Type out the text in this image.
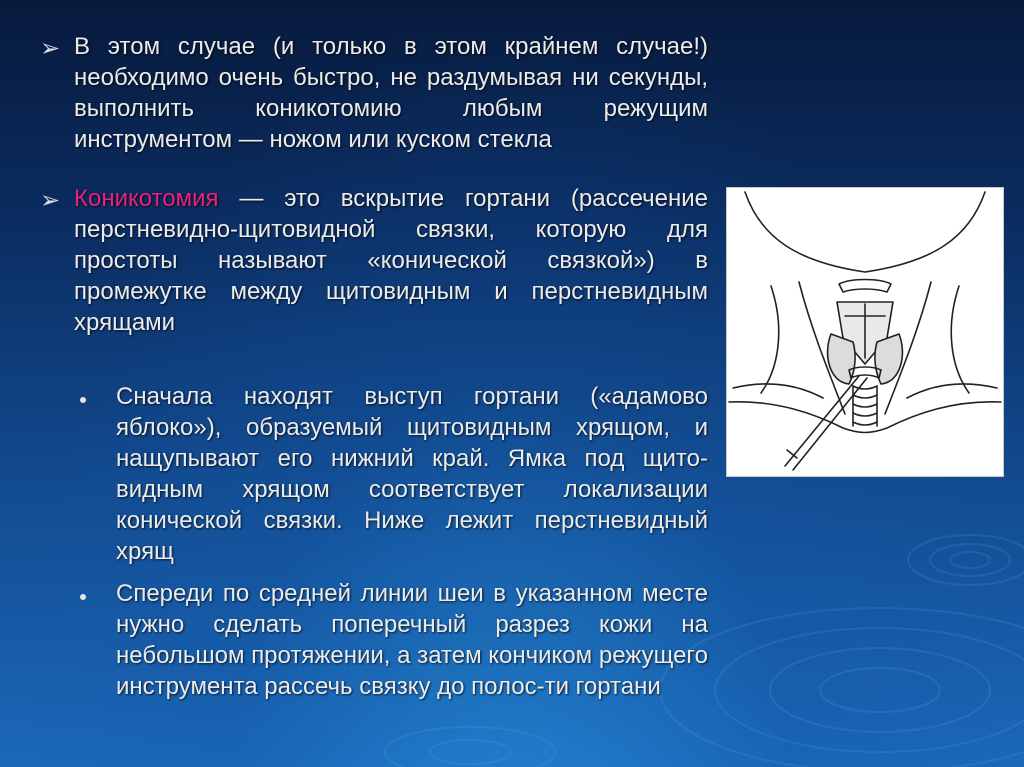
➢ В этом случае (и только в этом крайнем случае!) необходимо очень быстро, не раздумывая ни секунды, выполнить коникотомию любым режущим инструментом — ножом или куском стекла
➢ Коникотомия — это вскрытие гортани (рассечение перстневидно-щитовидной связки, которую для простоты называют «конической связкой») в промежутке между щитовидным и перстневидным хрящами
Сначала находят выступ гортани («адамово яблоко»), образуемый щитовидным хрящом, и нащупывают его нижний край. Ямка под щито-видным хрящом соответствует локализации конической связки. Ниже лежит перстневидный хрящ
Спереди по средней линии шеи в указанном месте нужно сделать поперечный разрез кожи на небольшом протяжении, а затем кончиком режущего инструмента рассечь связку до полос-ти гортани
